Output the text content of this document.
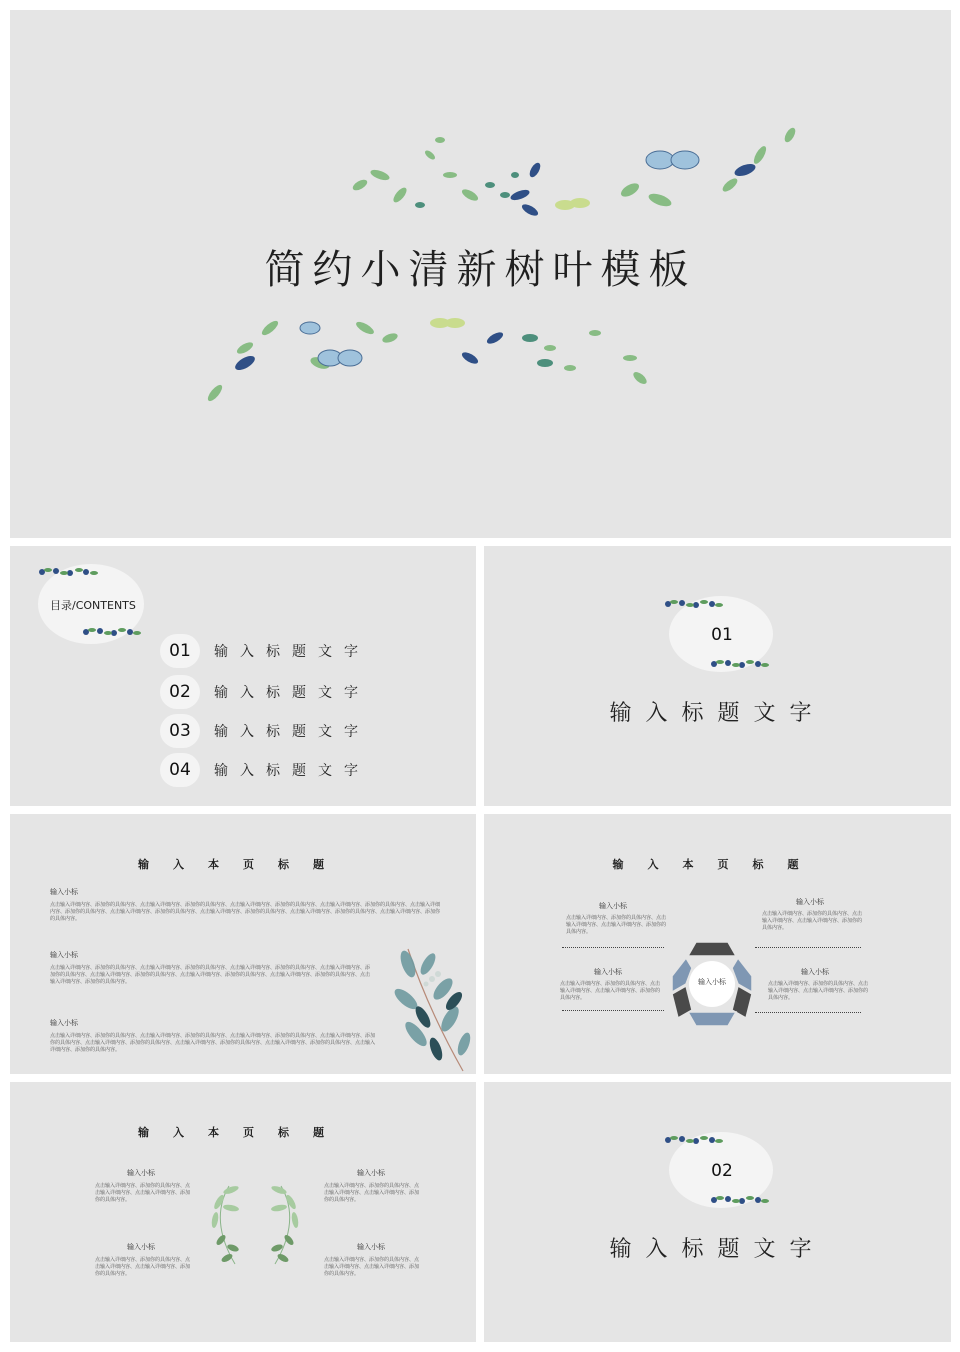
简约小清新树叶模板
目录/CONTENTS
01	输入标题文字
02	输入标题文字
03	输入标题文字
04	输入标题文字
01
输入标题文字
输入本页标题
输入小标
点击输入详细内容、添加你的具体内容、点击输入详细内容、添加你的具体内容、点击输入详细内容、添加你的具体内容、点击输入详细内容、添加你的具体内容、点击输入详细内容、添加你的具体内容、点击输入详细内容、添加你的具体内容、点击输入详细内容、添加你的具体内容、点击输入详细内容、添加你的具体内容、点击输入详细内容、添加你的具体内容。
输入小标
点击输入详细内容、添加你的具体内容、点击输入详细内容、添加你的具体内容、点击输入详细内容、添加你的具体内容、点击输入详细内容、添加你的具体内容、点击输入详细内容、添加你的具体内容、点击输入详细内容、添加你的具体内容、点击输入详细内容、添加你的具体内容、点击输入详细内容、添加你的具体内容。
输入小标
点击输入详细内容、添加你的具体内容、点击输入详细内容、添加你的具体内容、点击输入详细内容、添加你的具体内容、点击输入详细内容、添加你的具体内容、点击输入详细内容、添加你的具体内容、点击输入详细内容、添加你的具体内容、点击输入详细内容、添加你的具体内容、点击输入详细内容、添加你的具体内容。
输入本页标题
输入小标
点击输入详细内容、添加你的具体内容、点击输入详细内容、点击输入详细内容、添加你的具体内容。
输入小标
点击输入详细内容、添加你的具体内容、点击输入详细内容、点击输入详细内容、添加你的具体内容。
输入小标
点击输入详细内容、添加你的具体内容、点击输入详细内容、点击输入详细内容、添加你的具体内容。
输入小标
点击输入详细内容、添加你的具体内容、点击输入详细内容、点击输入详细内容、添加你的具体内容。
输入小标
输入本页标题
输入小标
点击输入详细内容、添加你的具体内容、点击输入详细内容、点击输入详细内容、添加你的具体内容。
输入小标
点击输入详细内容、添加你的具体内容、点击输入详细内容、点击输入详细内容、添加你的具体内容。
输入小标
点击输入详细内容、添加你的具体内容、点击输入详细内容、点击输入详细内容、添加你的具体内容。
输入小标
点击输入详细内容、添加你的具体内容、点击输入详细内容、点击输入详细内容、添加你的具体内容。
02
输入标题文字
